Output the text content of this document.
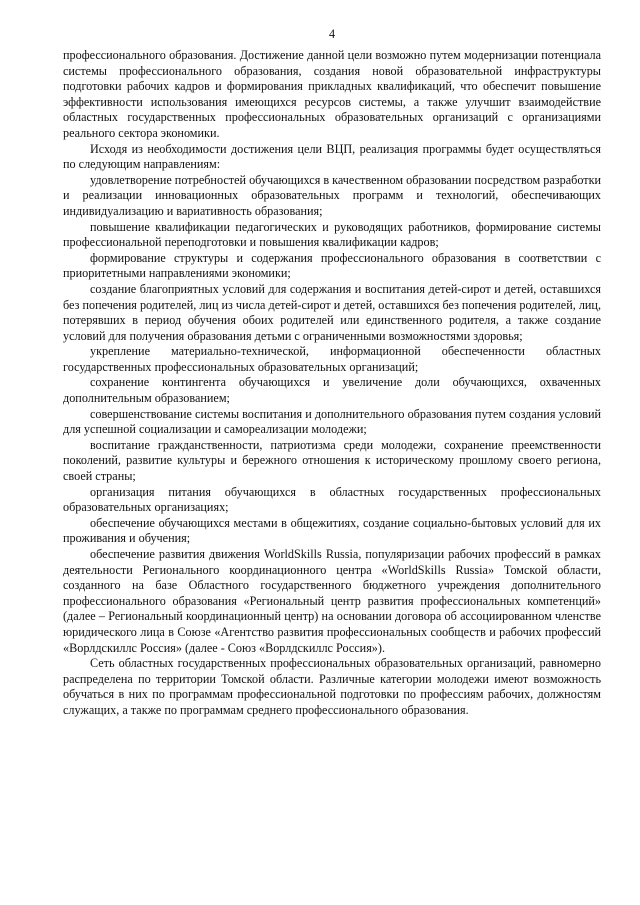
4

профессионального образования. Достижение данной цели возможно путем модернизации потенциала системы профессионального образования, создания новой образовательной инфраструктуры подготовки рабочих кадров и формирования прикладных квалификаций, что обеспечит повышение эффективности использования имеющихся ресурсов системы, а также улучшит взаимодействие областных государственных профессиональных образовательных организаций с организациями реального сектора экономики.

Исходя из необходимости достижения цели ВЦП, реализация программы будет осуществляться по следующим направлениям:

удовлетворение потребностей обучающихся в качественном образовании посредством разработки и реализации инновационных образовательных программ и технологий, обеспечивающих индивидуализацию и вариативность образования;

повышение квалификации педагогических и руководящих работников, формирование системы профессиональной переподготовки и повышения квалификации кадров;

формирование структуры и содержания профессионального образования в соответствии с приоритетными направлениями экономики;

создание благоприятных условий для содержания и воспитания детей-сирот и детей, оставшихся без попечения родителей, лиц из числа детей-сирот и детей, оставшихся без попечения родителей, лиц, потерявших в период обучения обоих родителей или единственного родителя, а также создание условий для получения образования детьми с ограниченными возможностями здоровья;

укрепление материально-технической, информационной обеспеченности областных государственных профессиональных образовательных организаций;

сохранение контингента обучающихся и увеличение доли обучающихся, охваченных дополнительным образованием;

совершенствование системы воспитания и дополнительного образования путем создания условий для успешной социализации и самореализации молодежи;

воспитание гражданственности, патриотизма среди молодежи, сохранение преемственности поколений, развитие культуры и бережного отношения к историческому прошлому своего региона, своей страны;

организация питания обучающихся в областных государственных профессиональных образовательных организациях;

обеспечение обучающихся местами в общежитиях, создание социально-бытовых условий для их проживания и обучения;

обеспечение развития движения WorldSkills Russia, популяризации рабочих профессий в рамках деятельности Регионального координационного центра «WorldSkills Russia» Томской области, созданного на базе Областного государственного бюджетного учреждения дополнительного профессионального образования «Региональный центр развития профессиональных компетенций» (далее – Региональный координационный центр) на основании договора об ассоциированном членстве юридического лица в Союзе «Агентство развития профессиональных сообществ и рабочих профессий «Ворлдскиллс Россия» (далее - Союз «Ворлдскиллс Россия»).

Сеть областных государственных профессиональных образовательных организаций, равномерно распределена по территории Томской области. Различные категории молодежи имеют возможность обучаться в них по программам профессиональной подготовки по профессиям рабочих, должностям служащих, а также по программам среднего профессионального образования.
